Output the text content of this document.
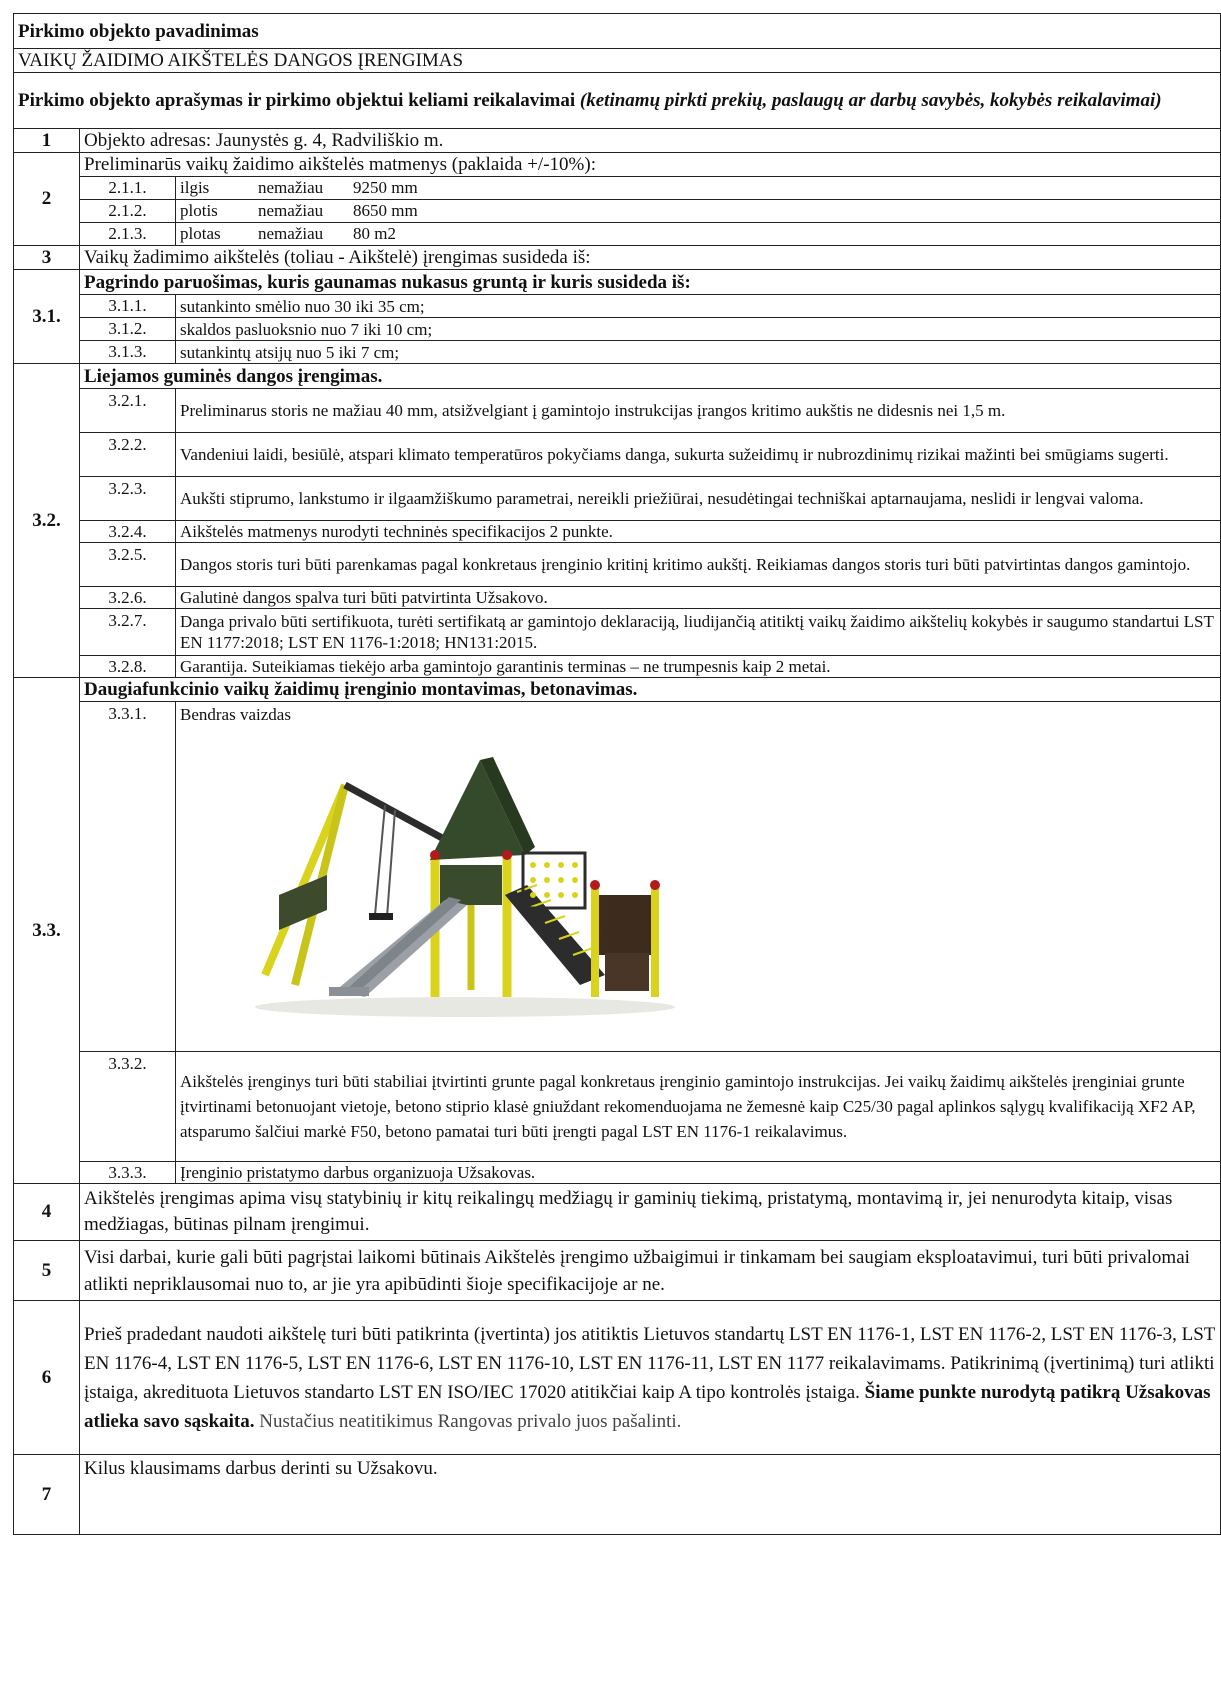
Pirkimo objekto pavadinimas		
VAIKŲ ŽAIDIMO AIKŠTELĖS DANGOS ĮRENGIMAS		
Pirkimo objekto aprašymas ir pirkimo objektui keliami reikalavimai (ketinamų pirkti prekių, paslaugų ar darbų savybės, kokybės reikalavimai)		
1	Objekto adresas: Jaunystės g. 4, Radviliškio m.	
2	Preliminarūs vaikų žaidimo aikštelės matmenys (paklaida +/-10%):	
	2.1.1.	ilgis nemažiau 9250 mm
	2.1.2.	plotis nemažiau 8650 mm
	2.1.3.	plotas nemažiau 80 m2
3	Vaikų žadimimo aikštelės (toliau - Aikštelė) įrengimas susideda iš:	
3.1.	Pagrindo paruošimas, kuris gaunamas nukasus gruntą ir kuris susideda iš:	
	3.1.1.	sutankinto smėlio nuo 30 iki 35 cm;
	3.1.2.	skaldos pasluoksnio nuo 7 iki 10 cm;
	3.1.3.	sutankintų atsijų nuo 5 iki 7 cm;
3.2.	Liejamos guminės dangos įrengimas.	
	3.2.1.	Preliminarus storis ne mažiau 40 mm, atsižvelgiant į gamintojo instrukcijas įrangos kritimo aukštis ne didesnis nei 1,5 m.
	3.2.2.	Vandeniui laidi, besiūlė, atspari klimato temperatūros pokyčiams danga, sukurta sužeidimų ir nubrozdinimų rizikai mažinti bei smūgiams sugerti.
	3.2.3.	Aukšti stiprumo, lankstumo ir ilgaamžiškumo parametrai, nereikli priežiūrai, nesudėtingai techniškai aptarnaujama, neslidi ir lengvai valoma.
	3.2.4.	Aikštelės matmenys nurodyti techninės specifikacijos 2 punkte.
	3.2.5.	Dangos storis turi būti parenkamas pagal konkretaus įrenginio kritinį kritimo aukštį. Reikiamas dangos storis turi būti patvirtintas dangos gamintojo.
	3.2.6.	Galutinė dangos spalva turi būti patvirtinta Užsakovo.
	3.2.7.	Danga privalo būti sertifikuota, turėti sertifikatą ar gamintojo deklaraciją, liudijančią atitiktį vaikų žaidimo aikštelių kokybės ir saugumo standartui LST EN 1177:2018; LST EN 1176-1:2018; HN131:2015.
	3.2.8.	Garantija. Suteikiamas tiekėjo arba gamintojo garantinis terminas – ne trumpesnis kaip 2 metai.
3.3.	Daugiafunkcinio vaikų žaidimų įrenginio montavimas, betonavimas.	
	3.3.1.	Bendras vaizdas

	3.3.2.	Aikštelės įrenginys turi būti stabiliai įtvirtinti grunte pagal konkretaus įrenginio gamintojo instrukcijas. Jei vaikų žaidimų aikštelės įrenginiai grunte įtvirtinami betonuojant vietoje, betono stiprio klasė gniuždant rekomenduojama ne žemesnė kaip C25/30 pagal aplinkos sąlygų kvalifikaciją XF2 AP, atsparumo šalčiui markė F50, betono pamatai turi būti įrengti pagal LST EN 1176-1 reikalavimus.
	3.3.3.	Įrenginio pristatymo darbus organizuoja Užsakovas.
4	Aikštelės įrengimas apima visų statybinių ir kitų reikalingų medžiagų ir gaminių tiekimą, pristatymą, montavimą ir, jei nenurodyta kitaip, visas medžiagas, būtinas pilnam įrengimui.	
5	Visi darbai, kurie gali būti pagrįstai laikomi būtinais Aikštelės įrengimo užbaigimui ir tinkamam bei saugiam eksploatavimui, turi būti privalomai atlikti nepriklausomai nuo to, ar jie yra apibūdinti šioje specifikacijoje ar ne.	
6	Prieš pradedant naudoti aikštelę turi būti patikrinta (įvertinta) jos atitiktis Lietuvos standartų LST EN 1176-1, LST EN 1176-2, LST EN 1176-3, LST EN 1176-4, LST EN 1176-5, LST EN 1176-6, LST EN 1176-10, LST EN 1176-11, LST EN 1177 reikalavimams. Patikrinimą (įvertinimą) turi atlikti įstaiga, akredituota Lietuvos standarto LST EN ISO/IEC 17020 atitikčiai kaip A tipo kontrolės įstaiga. Šiame punkte nurodytą patikrą Užsakovas atlieka savo sąskaita. Nustačius neatitikimus Rangovas privalo juos pašalinti.	
7	Kilus klausimams darbus derinti su Užsakovu.	
